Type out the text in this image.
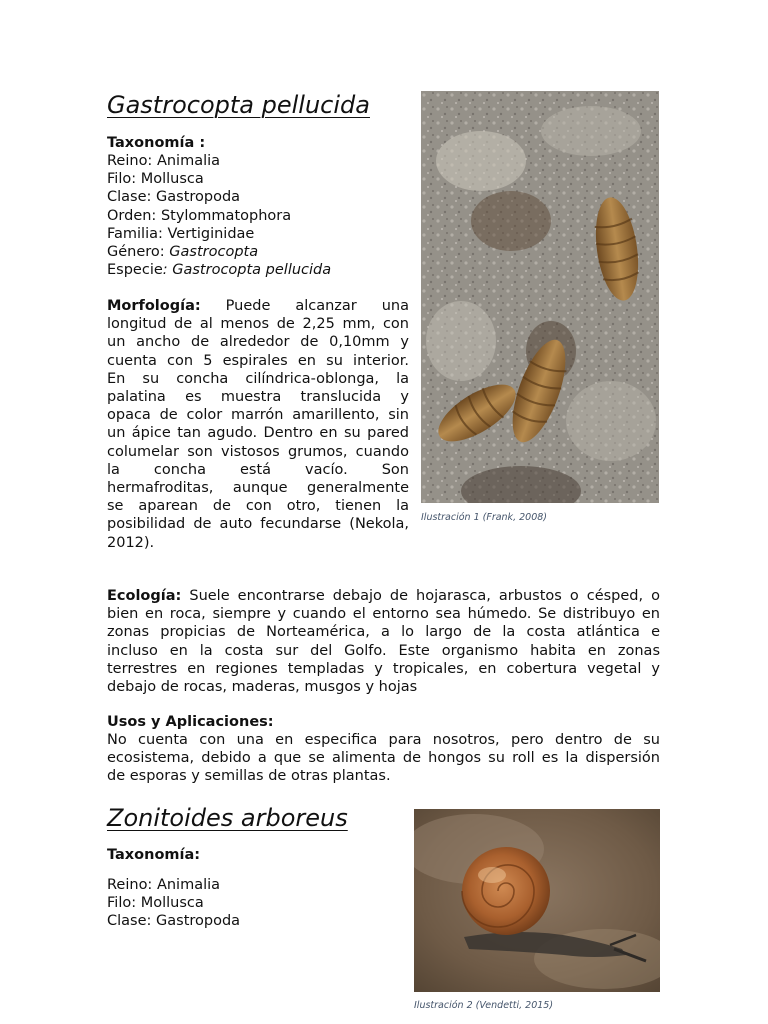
Gastrocopta pellucida
Taxonomía :
Reino: Animalia
Filo: Mollusca
Clase: Gastropoda
Orden: Stylommatophora
Familia: Vertiginidae
Género: Gastrocopta
Especie: Gastrocopta pellucida
Morfología: Puede alcanzar una
longitud de al menos de 2,25 mm, con
un ancho de alrededor de 0,10mm y
cuenta con 5 espirales en su interior.
En su concha cilíndrica-oblonga, la
palatina es muestra translucida y
opaca de color marrón amarillento, sin
un ápice tan agudo. Dentro en su pared
columelar son vistosos grumos, cuando
la concha está vacío. Son
hermafroditas, aunque generalmente
se aparean de con otro, tienen la
posibilidad de auto fecundarse (Nekola,
2012).
Ilustración 1 (Frank, 2008)
Ecología: Suele encontrarse debajo de hojarasca, arbustos o césped, o
bien en roca, siempre y cuando el entorno sea húmedo. Se distribuyo en
zonas propicias de Norteamérica, a lo largo de la costa atlántica e
incluso en la costa sur del Golfo. Este organismo habita en zonas
terrestres en regiones templadas y tropicales, en cobertura vegetal y
debajo de rocas, maderas, musgos y hojas
Usos y Aplicaciones:
No cuenta con una en especifica para nosotros, pero dentro de su
ecosistema, debido a que se alimenta de hongos su roll es la dispersión
de esporas y semillas de otras plantas.
Zonitoides arboreus
Taxonomía:
Reino: Animalia
Filo: Mollusca
Clase: Gastropoda
Ilustración 2 (Vendetti, 2015)
